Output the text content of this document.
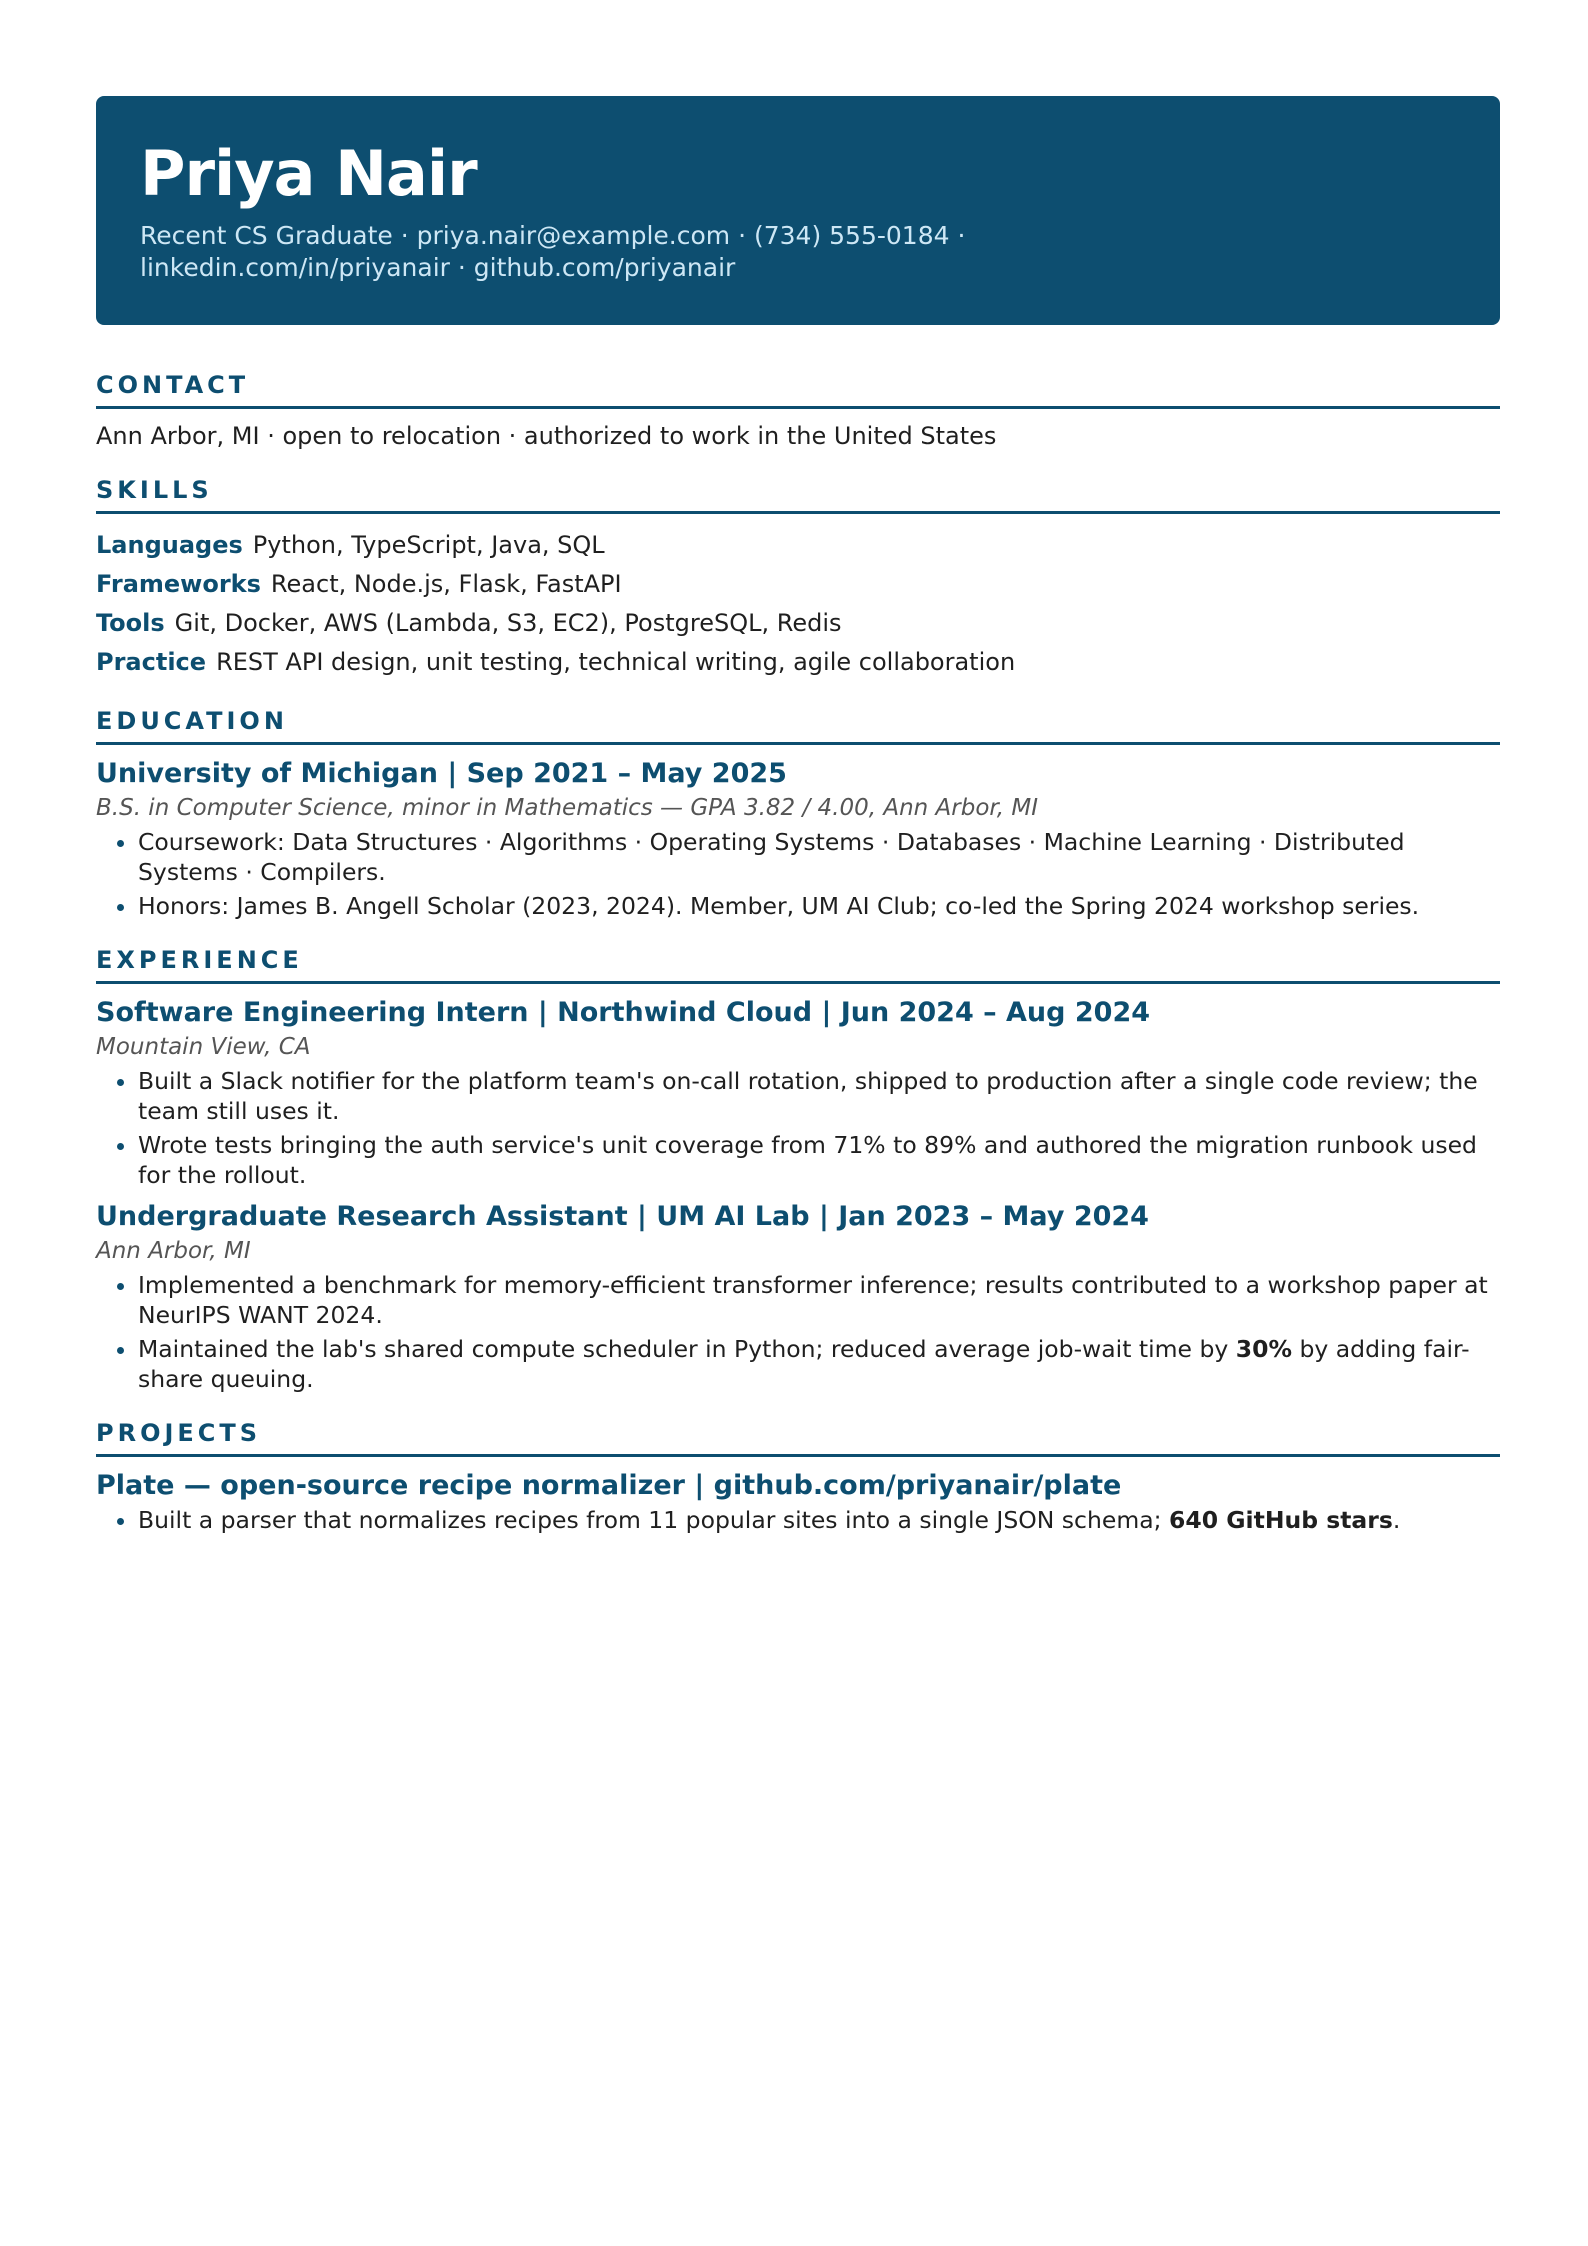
Priya Nair
Recent CS Graduate · priya.nair@example.com · (734) 555-0184 · linkedin.com/in/priyanair · github.com/priyanair
CONTACT
Ann Arbor, MI · open to relocation · authorized to work in the United States
SKILLS
Languages Python, TypeScript, Java, SQL
Frameworks React, Node.js, Flask, FastAPI
Tools Git, Docker, AWS (Lambda, S3, EC2), PostgreSQL, Redis
Practice REST API design, unit testing, technical writing, agile collaboration
EDUCATION
University of Michigan | Sep 2021 – May 2025
B.S. in Computer Science, minor in Mathematics — GPA 3.82 / 4.00, Ann Arbor, MI
• Coursework: Data Structures · Algorithms · Operating Systems · Databases · Machine Learning · Distributed Systems · Compilers.
• Honors: James B. Angell Scholar (2023, 2024). Member, UM AI Club; co-led the Spring 2024 workshop series.
EXPERIENCE
Software Engineering Intern | Northwind Cloud | Jun 2024 – Aug 2024
Mountain View, CA
• Built a Slack notifier for the platform team's on-call rotation, shipped to production after a single code review; the team still uses it.
• Wrote tests bringing the auth service's unit coverage from 71% to 89% and authored the migration runbook used for the rollout.
Undergraduate Research Assistant | UM AI Lab | Jan 2023 – May 2024
Ann Arbor, MI
• Implemented a benchmark for memory-efficient transformer inference; results contributed to a workshop paper at NeurIPS WANT 2024.
• Maintained the lab's shared compute scheduler in Python; reduced average job-wait time by 30% by adding fair-share queuing.
PROJECTS
Plate — open-source recipe normalizer | github.com/priyanair/plate
• Built a parser that normalizes recipes from 11 popular sites into a single JSON schema; 640 GitHub stars.
